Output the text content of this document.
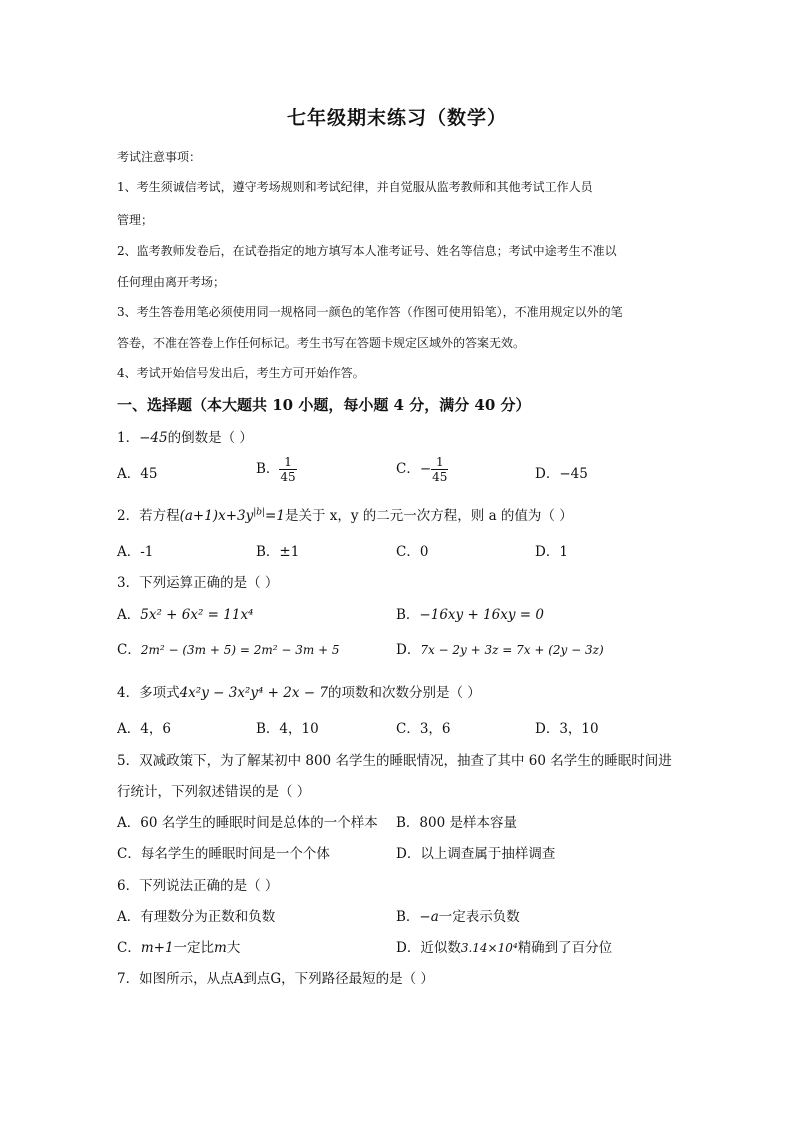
七年级期末练习（数学）
考试注意事项：
1、考生须诚信考试，遵守考场规则和考试纪律，并自觉服从监考教师和其他考试工作人员
管理；
2、监考教师发卷后，在试卷指定的地方填写本人准考证号、姓名等信息；考试中途考生不准以
任何理由离开考场；
3、考生答卷用笔必须使用同一规格同一颜色的笔作答（作图可使用铅笔），不准用规定以外的笔
答卷，不准在答卷上作任何标记。考生书写在答题卡规定区域外的答案无效。
4、考试开始信号发出后，考生方可开始作答。
一、选择题（本大题共 10 小题，每小题 4 分，满分 40 分）
1．−45的倒数是（ ）
A．45	B． $\frac{1}{45}$	C．− $\frac{1}{45}$	D．−45
2．若方程$(a+1)x+3y^{|b|}=1$是关于 x，y 的二元一次方程，则 a 的值为（ ）
A．-1	B．±1	C．0	D．1
3．下列运算正确的是（ ）
A．5x² + 6x² = 11x⁴	B．−16xy + 16xy = 0
C．2m² − (3m + 5) = 2m² − 3m + 5	D．7x − 2y + 3z = 7x + (2y − 3z)
4．多项式4x²y − 3x²y⁴ + 2x − 7的项数和次数分别是（ ）
A．4，6	B．4，10	C．3，6	D．3，10
5．双减政策下，为了解某初中 800 名学生的睡眠情况，抽查了其中 60 名学生的睡眠时间进
行统计，下列叙述错误的是（ ）
A．60 名学生的睡眠时间是总体的一个样本 B．800 是样本容量
C．每名学生的睡眠时间是一个个体	D．以上调查属于抽样调查
6．下列说法正确的是（ ）
A．有理数分为正数和负数	B．−a一定表示负数
C．m+1一定比m大	D．近似数3.14×10⁴精确到了百分位
7．如图所示，从点A到点G，下列路径最短的是（ ）
